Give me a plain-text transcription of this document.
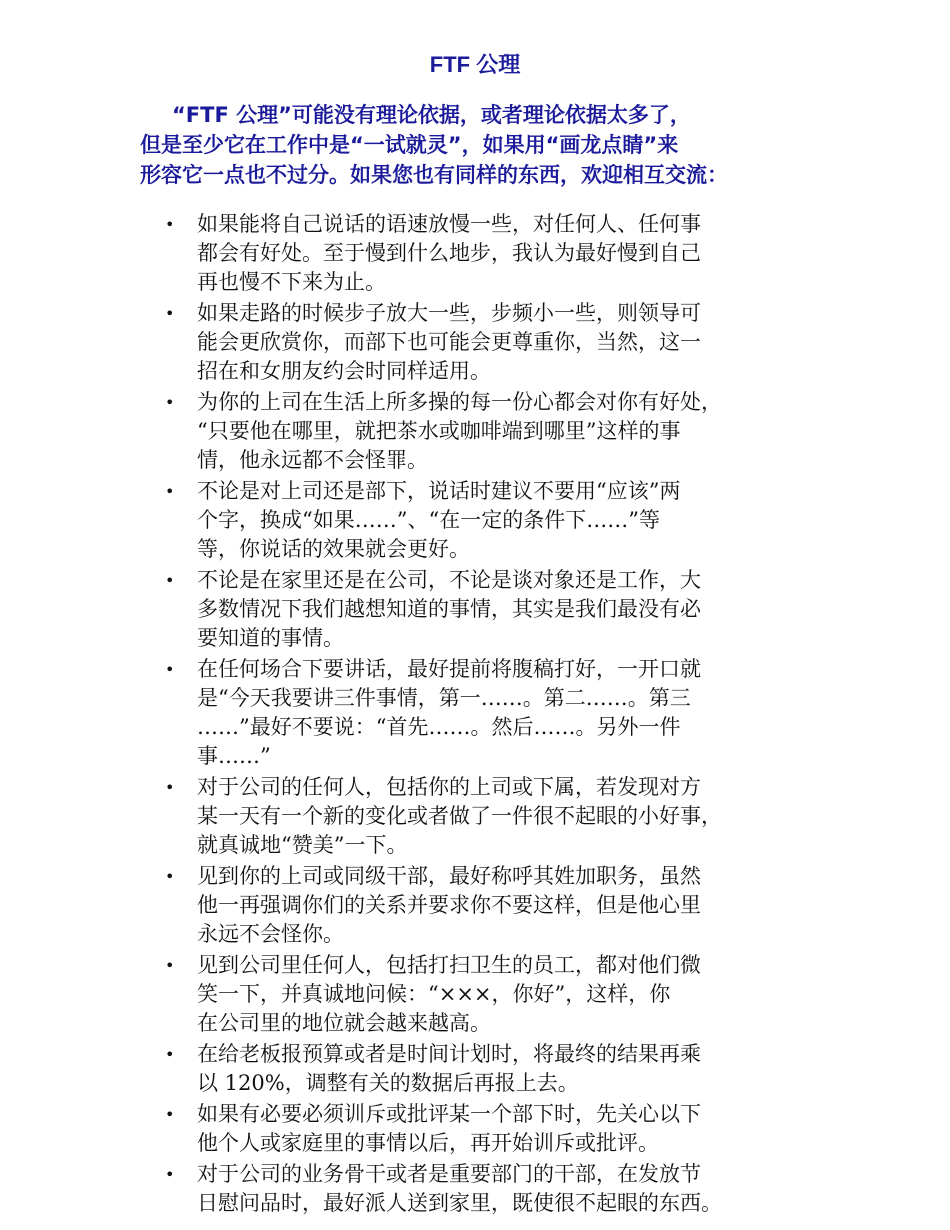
FTF 公理
“FTF 公理”可能没有理论依据，或者理论依据太多了，
但是至少它在工作中是“一试就灵”，如果用“画龙点睛”来
形容它一点也不过分。如果您也有同样的东西，欢迎相互交流：
• 如果能将自己说话的语速放慢一些，对任何人、任何事
都会有好处。至于慢到什么地步，我认为最好慢到自己
再也慢不下来为止。
• 如果走路的时候步子放大一些，步频小一些，则领导可
能会更欣赏你，而部下也可能会更尊重你，当然，这一
招在和女朋友约会时同样适用。
• 为你的上司在生活上所多操的每一份心都会对你有好处，
“只要他在哪里，就把茶水或咖啡端到哪里”这样的事
情，他永远都不会怪罪。
• 不论是对上司还是部下，说话时建议不要用“应该”两
个字，换成“如果……”、“在一定的条件下……”等
等，你说话的效果就会更好。
• 不论是在家里还是在公司，不论是谈对象还是工作，大
多数情况下我们越想知道的事情，其实是我们最没有必
要知道的事情。
• 在任何场合下要讲话，最好提前将腹稿打好，一开口就
是“今天我要讲三件事情，第一……。第二……。第三
……”最好不要说：“首先……。然后……。另外一件
事……”
• 对于公司的任何人，包括你的上司或下属，若发现对方
某一天有一个新的变化或者做了一件很不起眼的小好事，
就真诚地“赞美”一下。
• 见到你的上司或同级干部，最好称呼其姓加职务，虽然
他一再强调你们的关系并要求你不要这样，但是他心里
永远不会怪你。
• 见到公司里任何人，包括打扫卫生的员工，都对他们微
笑一下，并真诚地问候：“×××，你好”，这样，你
在公司里的地位就会越来越高。
• 在给老板报预算或者是时间计划时，将最终的结果再乘
以 120%，调整有关的数据后再报上去。
• 如果有必要必须训斥或批评某一个部下时，先关心以下
他个人或家庭里的事情以后，再开始训斥或批评。
• 对于公司的业务骨干或者是重要部门的干部，在发放节
日慰问品时，最好派人送到家里，既使很不起眼的东西。
